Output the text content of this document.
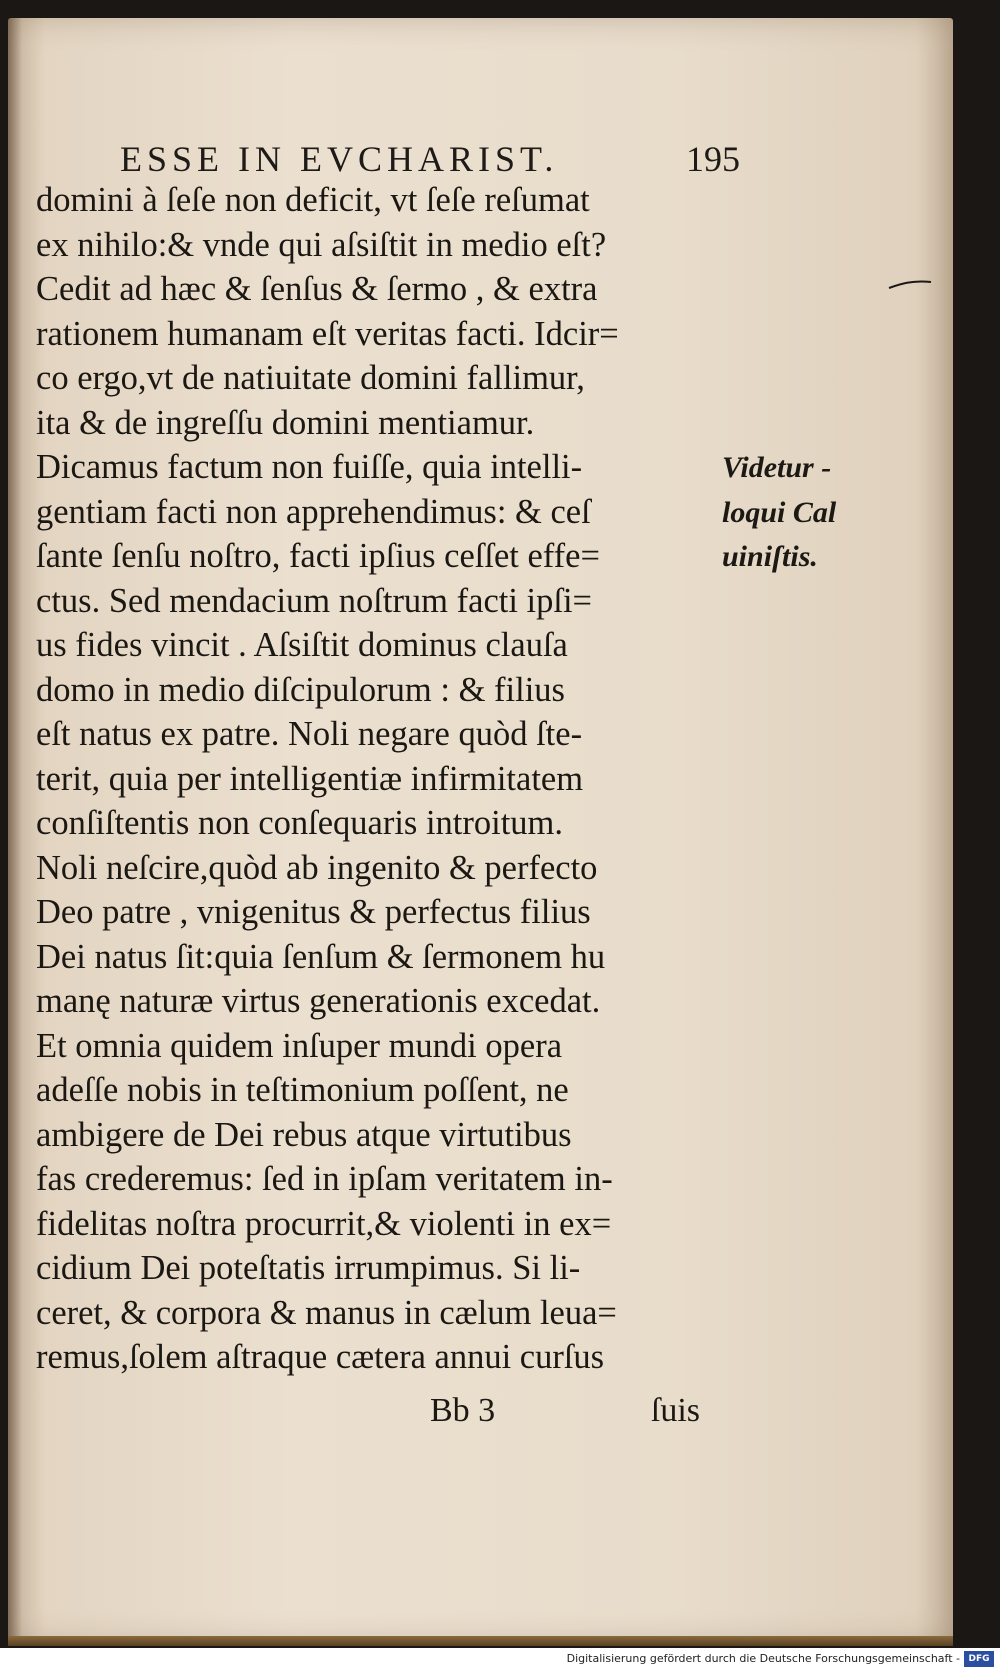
ESSE IN EVCHARIST.	195
domini à ſeſe non deficit, vt ſeſe reſumat
ex nihilo:& vnde qui aſsiſtit in medio eſt?
Cedit ad hæc & ſenſus & ſermo , & extra
rationem humanam eſt veritas facti. Idcir=
co ergo,vt de natiuitate domini fallimur,
ita & de ingreſſu domini mentiamur.
Dicamus factum non fuiſſe, quia intelli-
gentiam facti non apprehendimus: & ceſ
ſante ſenſu noſtro, facti ipſius ceſſet effe=
ctus. Sed mendacium noſtrum facti ipſi=
us fides vincit . Aſsiſtit dominus clauſa
domo in medio diſcipulorum : & filius
eſt natus ex patre. Noli negare quòd ſte-
terit, quia per intelligentiæ infirmitatem
conſiſtentis non conſequaris introitum.
Noli neſcire,quòd ab ingenito & perfecto
Deo patre , vnigenitus & perfectus filius
Dei natus ſit:quia ſenſum & ſermonem hu
manę naturæ virtus generationis excedat.
Et omnia quidem inſuper mundi opera
adeſſe nobis in teſtimonium poſſent, ne
ambigere de Dei rebus atque virtutibus
fas crederemus: ſed in ipſam veritatem in-
fidelitas noſtra procurrit,& violenti in ex=
cidium Dei poteſtatis irrumpimus. Si li-
ceret, & corpora & manus in cælum leua=
remus,ſolem aſtraque cætera annui curſus
Videtur -
loqui Cal
uiniſtis.
Bb 3	ſuis
Digitalisierung gefördert durch die Deutsche Forschungsgemeinschaft - DFG
